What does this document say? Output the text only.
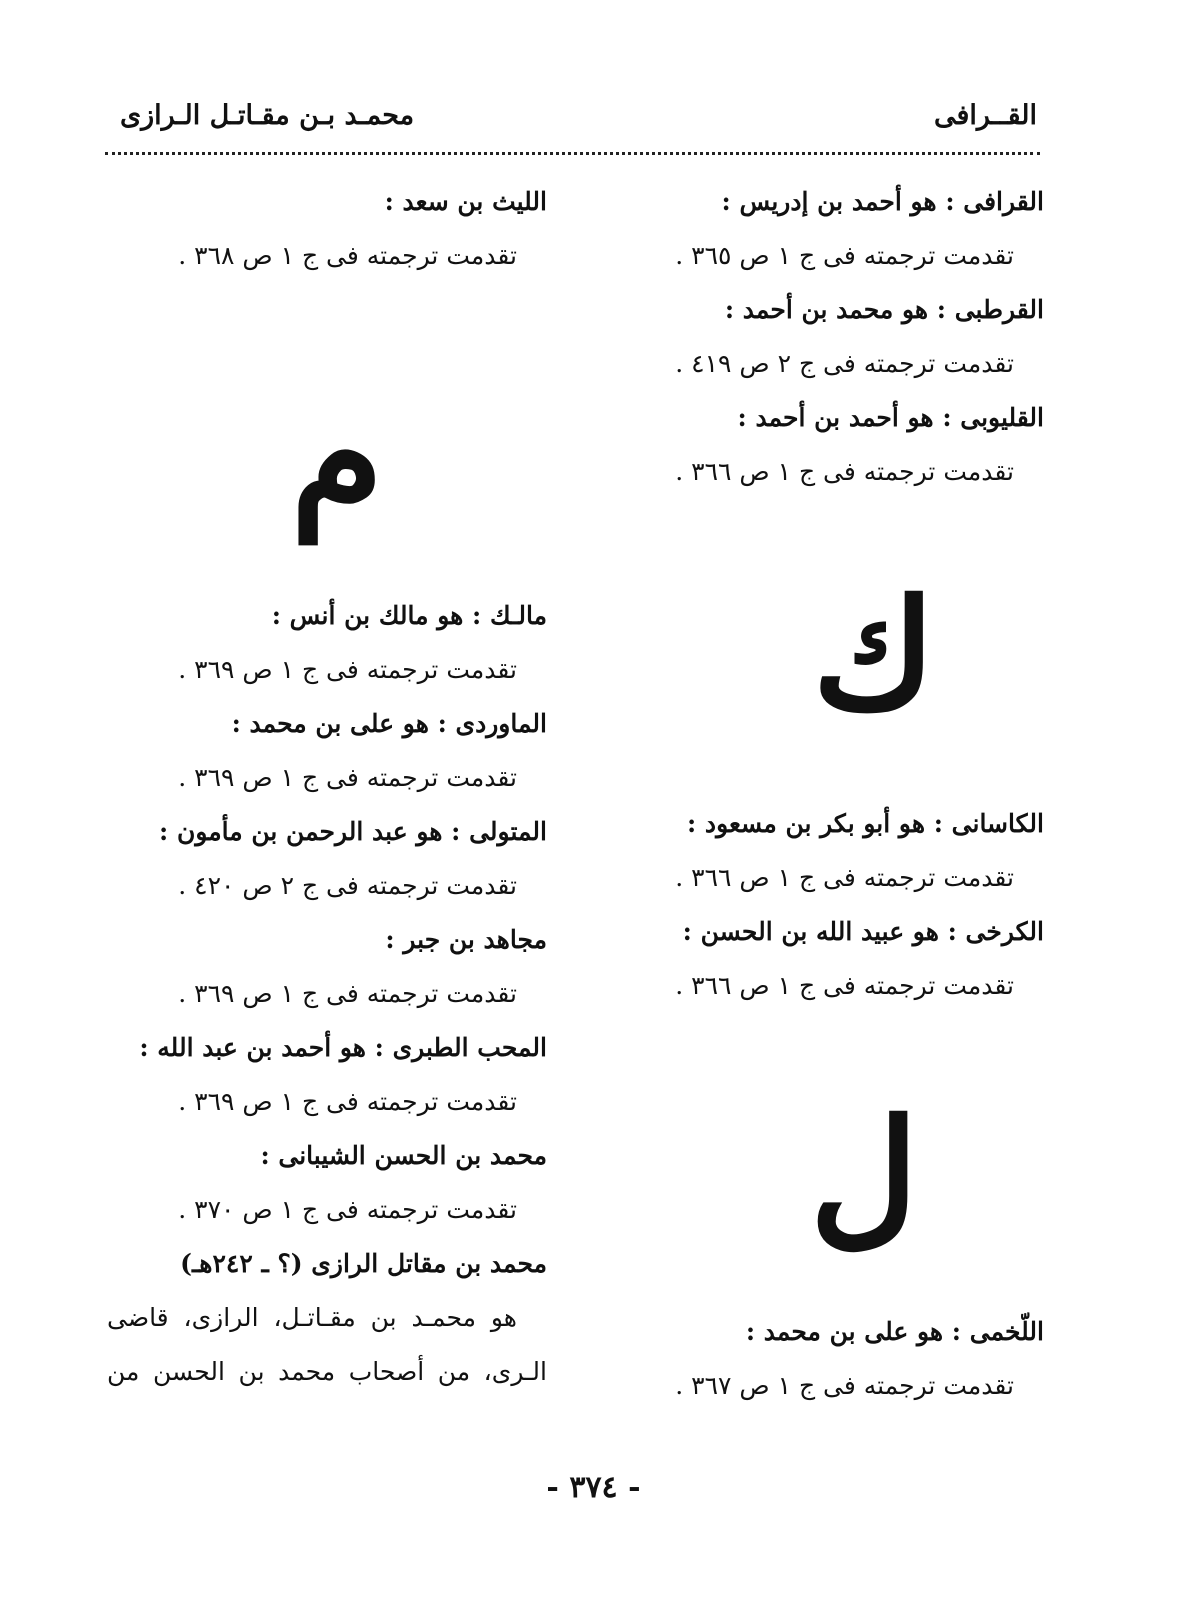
القــرافى
محمـد بـن مقـاتـل الـرازى
القرافى : هو أحمد بن إدريس :
تقدمت ترجمته فى ج ١ ص ٣٦٥ .
القرطبى : هو محمد بن أحمد :
تقدمت ترجمته فى ج ٢ ص ٤١٩ .
القليوبى : هو أحمد بن أحمد :
تقدمت ترجمته فى ج ١ ص ٣٦٦ .
ك
الكاسانى : هو أبو بكر بن مسعود :
تقدمت ترجمته فى ج ١ ص ٣٦٦ .
الكرخى : هو عبيد الله بن الحسن :
تقدمت ترجمته فى ج ١ ص ٣٦٦ .
ل
اللّخمى : هو على بن محمد :
تقدمت ترجمته فى ج ١ ص ٣٦٧ .
الليث بن سعد :
تقدمت ترجمته فى ج ١ ص ٣٦٨ .
م
مالـك : هو مالك بن أنس :
تقدمت ترجمته فى ج ١ ص ٣٦٩ .
الماوردى : هو على بن محمد :
تقدمت ترجمته فى ج ١ ص ٣٦٩ .
المتولى : هو عبد الرحمن بن مأمون :
تقدمت ترجمته فى ج ٢ ص ٤٢٠ .
مجاهد بن جبر :
تقدمت ترجمته فى ج ١ ص ٣٦٩ .
المحب الطبرى : هو أحمد بن عبد الله :
تقدمت ترجمته فى ج ١ ص ٣٦٩ .
محمد بن الحسن الشيبانى :
تقدمت ترجمته فى ج ١ ص ٣٧٠ .
محمد بن مقاتل الرازى (؟ ـ ٢٤٢هـ)
هو محمـد بن مقـاتـل، الرازى، قاضى
الـرى، من أصحاب محمد بن الحسن من
- ٣٧٤ -
